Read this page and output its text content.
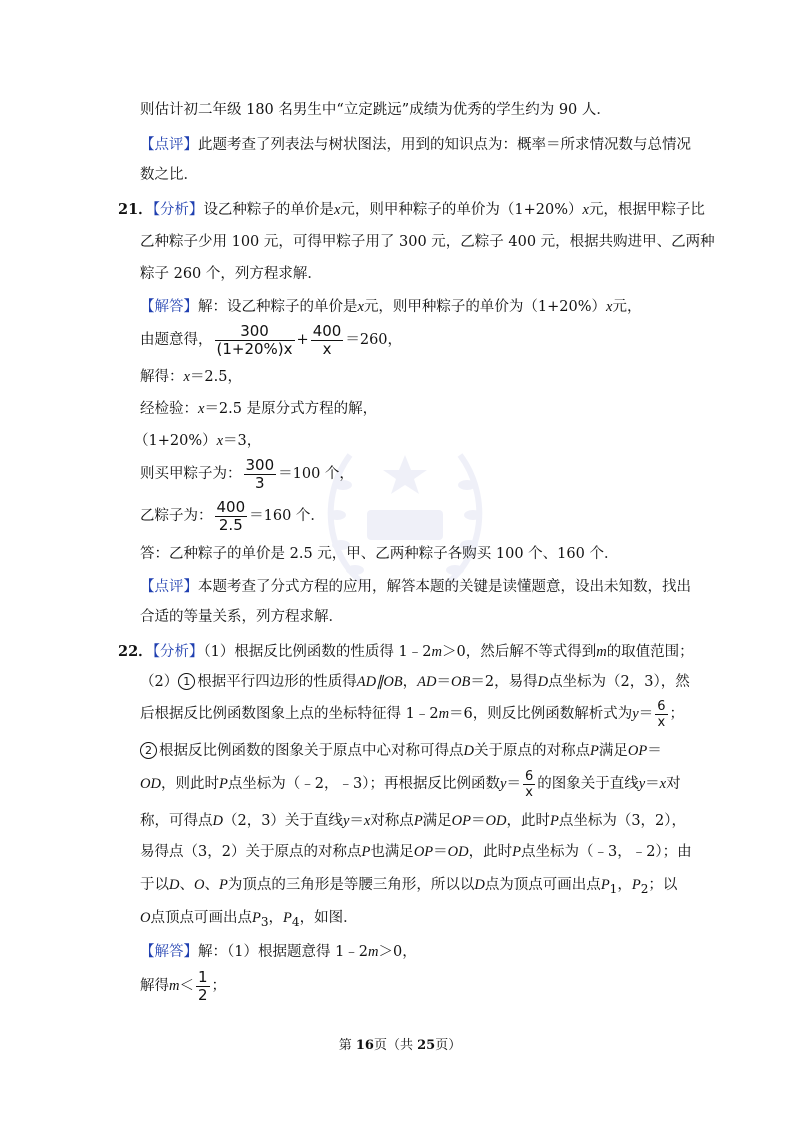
则估计初二年级 180 名男生中“立定跳远”成绩为优秀的学生约为 90 人．
【点评】此题考查了列表法与树状图法，用到的知识点为：概率＝所求情况数与总情况
数之比．
21．【分析】设乙种粽子的单价是x元，则甲种粽子的单价为（1+20%）x元，根据甲粽子比
乙种粽子少用 100 元，可得甲粽子用了 300 元，乙粽子 400 元，根据共购进甲、乙两种
粽子 260 个，列方程求解．
【解答】解：设乙种粽子的单价是x元，则甲种粽子的单价为（1+20%）x元，
由题意得， $\frac{300}{(1+20\%)x} + \frac{400}{x} =260$，
解得：x＝2.5，
经检验：x＝2.5 是原分式方程的解，
（1+20%）x＝3，
则买甲粽子为： $\frac{300}{3} =100$ 个，
乙粽子为： $\frac{400}{2.5} =160$ 个．
答：乙种粽子的单价是 2.5 元，甲、乙两种粽子各购买 100 个、160 个．
【点评】本题考查了分式方程的应用，解答本题的关键是读懂题意，设出未知数，找出
合适的等量关系，列方程求解．
22．【分析】（1）根据反比例函数的性质得 1﹣2m＞0，然后解不等式得到m的取值范围；
（2） 1 根据平行四边形的性质得AD∥OB，AD＝OB＝2，易得D点坐标为（2，3），然
后根据反比例函数图象上点的坐标特征得 1﹣2m＝6，则反比例函数解析式为$y= \frac{6}{x}$ ；
2 根据反比例函数的图象关于原点中心对称可得点D关于原点的对称点P满足OP＝
OD，则此时P点坐标为（﹣2，﹣3）；再根据反比例函数$y= \frac{6}{x}$ 的图象关于直线y＝x对
称，可得点D（2，3）关于直线y＝x对称点P满足OP＝OD，此时P点坐标为（3，2），
易得点（3，2）关于原点的对称点P也满足OP＝OD，此时P点坐标为（﹣3，﹣2）；由
于以D、O、P为顶点的三角形是等腰三角形，所以以D点为顶点可画出点$P_1$，$P_2$；以
O点顶点可画出点$P_3$，$P_4$，如图．
【解答】解：（1）根据题意得 1﹣2m＞0，
解得$m< \frac{1}{2}$ ；
第 16页（共 25页）
